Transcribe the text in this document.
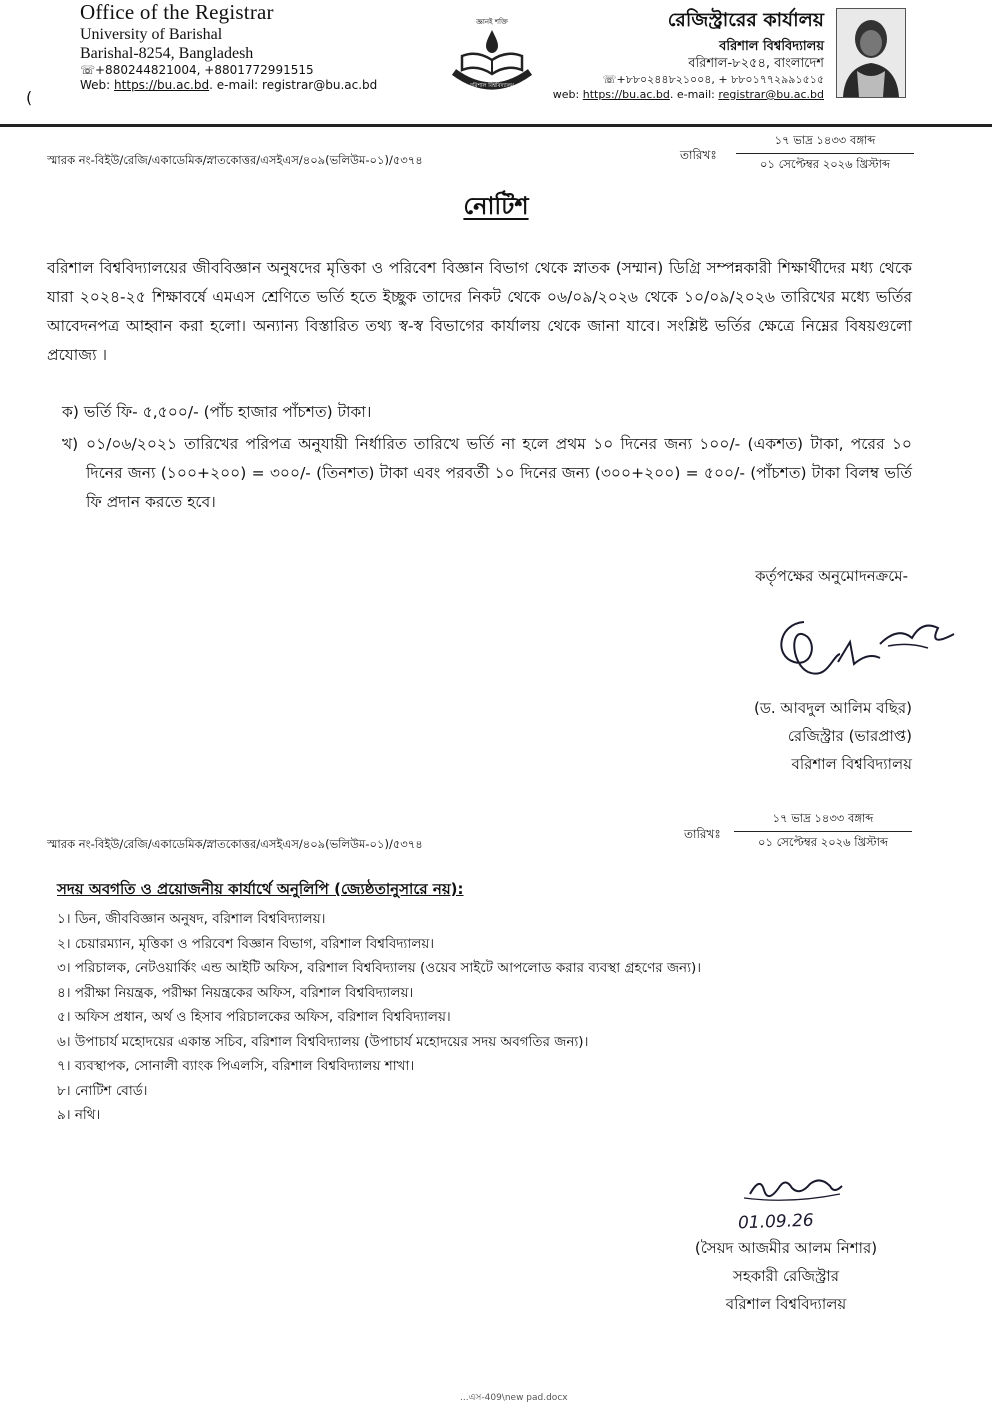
Office of the Registrar
University of Barishal
Barishal-8254, Bangladesh
☏+880244821004, +8801772991515
Web: https://bu.ac.bd. e-mail: registrar@bu.ac.bd
(
জ্ঞানই শক্তি
বরিশাল বিশ্ববিদ্যালয়
রেজিস্ট্রারের কার্যালয়
বরিশাল বিশ্ববিদ্যালয়
বরিশাল-৮২৫৪, বাংলাদেশ
☏+৮৮০২৪৪৮২১০০৪, + ৮৮০১৭৭২৯৯১৫১৫
web: https://bu.ac.bd. e-mail: registrar@bu.ac.bd
স্মারক নং-বিইউ/রেজি/একাডেমিক/স্নাতকোত্তর/এসইএস/৪০৯(ভলিউম-০১)/৫৩৭৪	তারিখঃ
১৭ ভাদ্র ১৪৩৩ বঙ্গাব্দ
০১ সেপ্টেম্বর ২০২৬ খ্রিস্টাব্দ
নোটিশ
বরিশাল বিশ্ববিদ্যালয়ের জীববিজ্ঞান অনুষদের মৃত্তিকা ও পরিবেশ বিজ্ঞান বিভাগ থেকে স্নাতক (সম্মান) ডিগ্রি সম্পন্নকারী শিক্ষার্থীদের মধ্য থেকে যারা ২০২৪-২৫ শিক্ষাবর্ষে এমএস শ্রেণিতে ভর্তি হতে ইচ্ছুক তাদের নিকট থেকে ০৬/০৯/২০২৬ থেকে ১০/০৯/২০২৬ তারিখের মধ্যে ভর্তির আবেদনপত্র আহ্বান করা হলো। অন্যান্য বিস্তারিত তথ্য স্ব-স্ব বিভাগের কার্যালয় থেকে জানা যাবে। সংশ্লিষ্ট ভর্তির ক্ষেত্রে নিম্নের বিষয়গুলো প্রযোজ্য ।
ক) ভর্তি ফি- ৫,৫০০/- (পাঁচ হাজার পাঁচশত) টাকা।
খ) ০১/০৬/২০২১ তারিখের পরিপত্র অনুযায়ী নির্ধারিত তারিখে ভর্তি না হলে প্রথম ১০ দিনের জন্য ১০০/- (একশত) টাকা, পরের ১০ দিনের জন্য (১০০+২০০) = ৩০০/- (তিনশত) টাকা এবং পরবর্তী ১০ দিনের জন্য (৩০০+২০০) = ৫০০/- (পাঁচশত) টাকা বিলম্ব ভর্তি ফি প্রদান করতে হবে।
কর্তৃপক্ষের অনুমোদনক্রমে-
(ড. আবদুল আলিম বছির)
রেজিস্ট্রার (ভারপ্রাপ্ত)
বরিশাল বিশ্ববিদ্যালয়
স্মারক নং-বিইউ/রেজি/একাডেমিক/স্নাতকোত্তর/এসইএস/৪০৯(ভলিউম-০১)/৫৩৭৪
তারিখঃ
১৭ ভাদ্র ১৪৩৩ বঙ্গাব্দ
০১ সেপ্টেম্বর ২০২৬ খ্রিস্টাব্দ
সদয় অবগতি ও প্রয়োজনীয় কার্যার্থে অনুলিপি (জ্যেষ্ঠতানুসারে নয়):
১। ডিন, জীববিজ্ঞান অনুষদ, বরিশাল বিশ্ববিদ্যালয়।
২। চেয়ারম্যান, মৃত্তিকা ও পরিবেশ বিজ্ঞান বিভাগ, বরিশাল বিশ্ববিদ্যালয়।
৩। পরিচালক, নেটওয়ার্কিং এন্ড আইটি অফিস, বরিশাল বিশ্ববিদ্যালয় (ওয়েব সাইটে আপলোড করার ব্যবস্থা গ্রহণের জন্য)।
৪। পরীক্ষা নিয়ন্ত্রক, পরীক্ষা নিয়ন্ত্রকের অফিস, বরিশাল বিশ্ববিদ্যালয়।
৫। অফিস প্রধান, অর্থ ও হিসাব পরিচালকের অফিস, বরিশাল বিশ্ববিদ্যালয়।
৬। উপাচার্য মহোদয়ের একান্ত সচিব, বরিশাল বিশ্ববিদ্যালয় (উপাচার্য মহোদয়ের সদয় অবগতির জন্য)।
৭। ব্যবস্থাপক, সোনালী ব্যাংক পিএলসি, বরিশাল বিশ্ববিদ্যালয় শাখা।
৮। নোটিশ বোর্ড।
৯। নথি।
01.09.26
(সৈয়দ আজমীর আলম নিশার)
সহকারী রেজিস্ট্রার
বরিশাল বিশ্ববিদ্যালয়
...এস-409\new pad.docx
